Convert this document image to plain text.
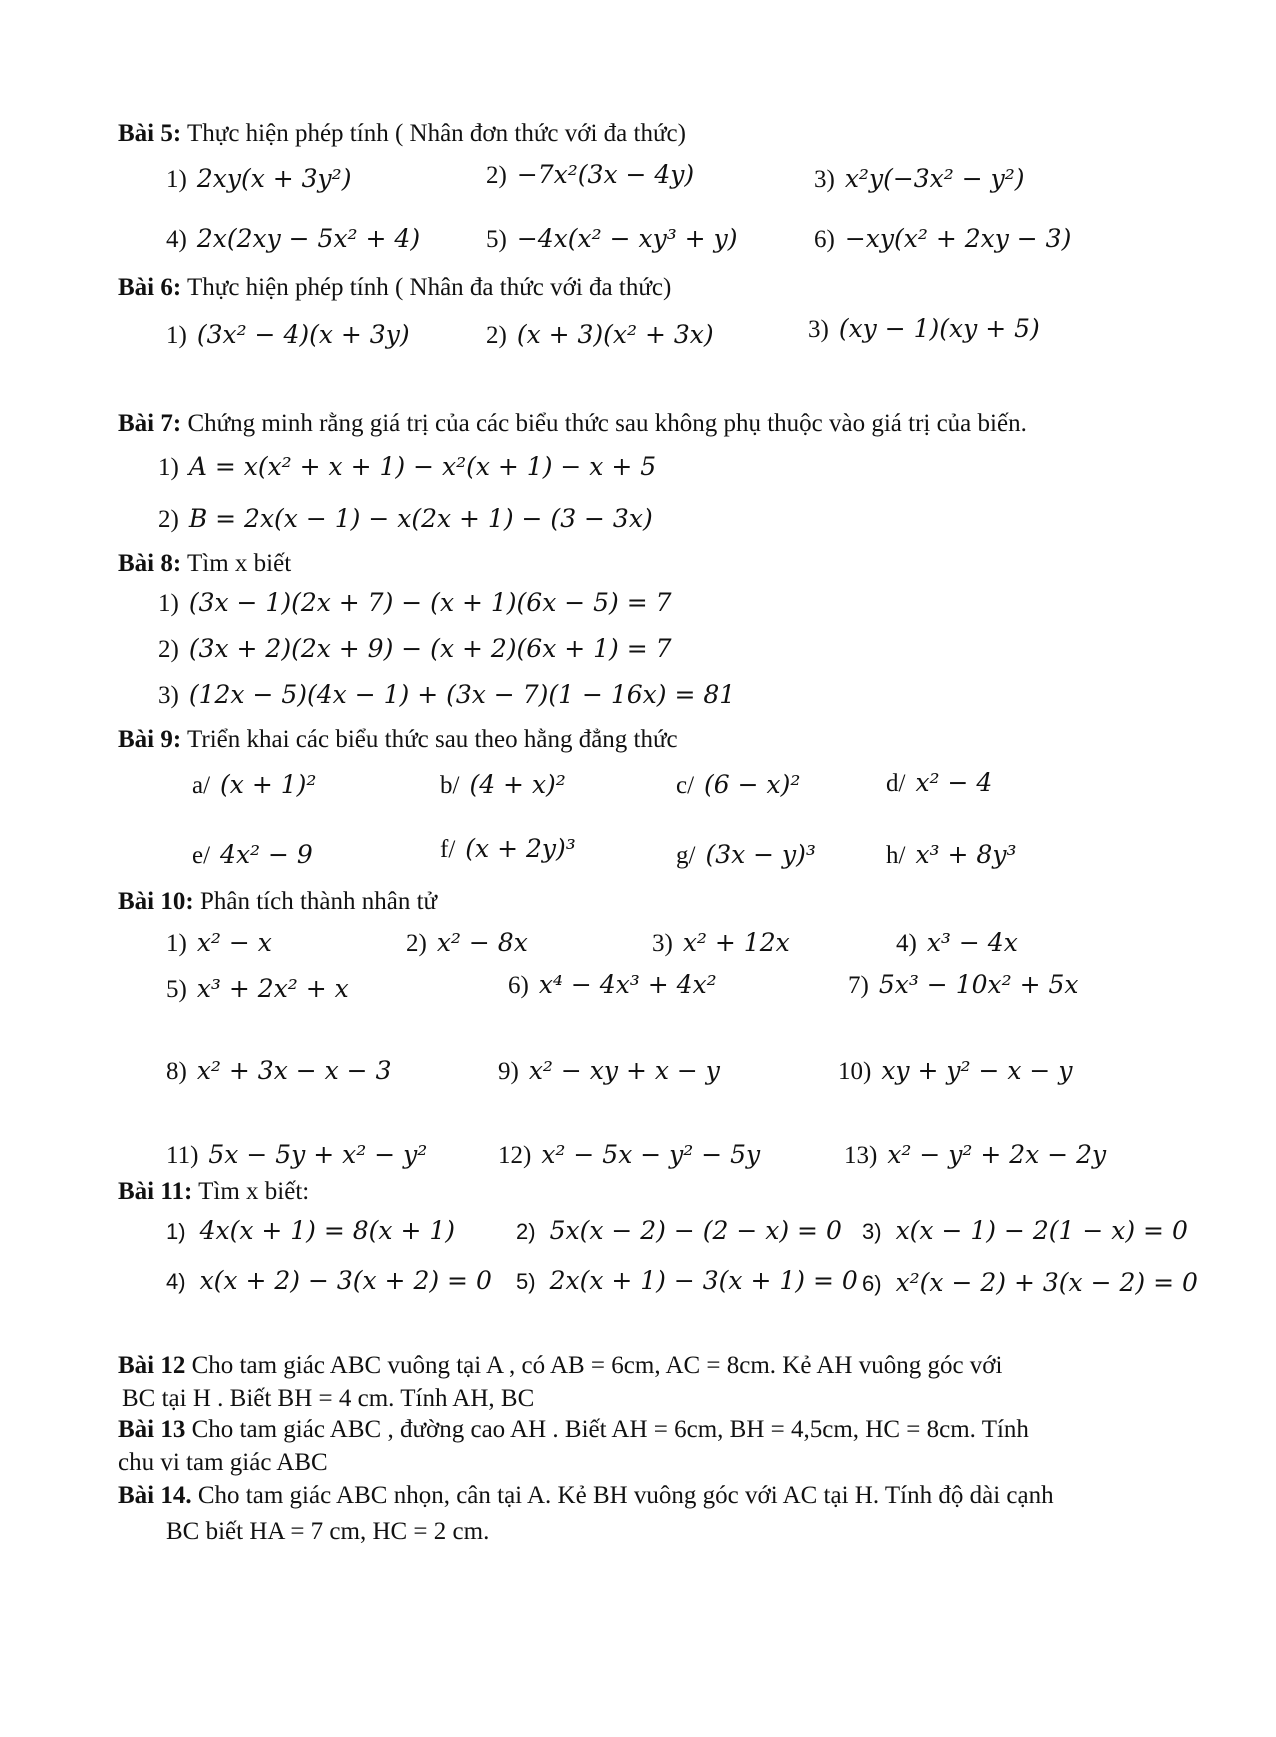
Bài 5: Thực hiện phép tính ( Nhân đơn thức với đa thức)
1) 2xy(x + 3y²)	2) −7x²(3x − 4y)	3) x²y(−3x² − y²)
4) 2x(2xy − 5x² + 4)	5) −4x(x² − xy³ + y)	6) −xy(x² + 2xy − 3)
Bài 6: Thực hiện phép tính ( Nhân đa thức với đa thức)
1) (3x² − 4)(x + 3y)	2) (x + 3)(x² + 3x)	3) (xy − 1)(xy + 5)
Bài 7: Chứng minh rằng giá trị của các biểu thức sau không phụ thuộc vào giá trị của biến.
1) A = x(x² + x + 1) − x²(x + 1) − x + 5
2) B = 2x(x − 1) − x(2x + 1) − (3 − 3x)
Bài 8: Tìm x biết
1) (3x − 1)(2x + 7) − (x + 1)(6x − 5) = 7
2) (3x + 2)(2x + 9) − (x + 2)(6x + 1) = 7
3) (12x − 5)(4x − 1) + (3x − 7)(1 − 16x) = 81
Bài 9: Triển khai các biểu thức sau theo hằng đẳng thức
a/ (x + 1)²	b/ (4 + x)²	c/ (6 − x)²	d/ x² − 4
e/ 4x² − 9	f/ (x + 2y)³	g/ (3x − y)³	h/ x³ + 8y³
Bài 10: Phân tích thành nhân tử
1) x² − x	2) x² − 8x	3) x² + 12x	4) x³ − 4x
5) x³ + 2x² + x	6) x⁴ − 4x³ + 4x²	7) 5x³ − 10x² + 5x
8) x² + 3x − x − 3	9) x² − xy + x − y	10) xy + y² − x − y
11) 5x − 5y + x² − y²	12) x² − 5x − y² − 5y	13) x² − y² + 2x − 2y
Bài 11: Tìm x biết:
1) 4x(x + 1) = 8(x + 1)	2) 5x(x − 2) − (2 − x) = 0 3) x(x − 1) − 2(1 − x) = 0
4) x(x + 2) − 3(x + 2) = 0 5) 2x(x + 1) − 3(x + 1) = 0 6) x²(x − 2) + 3(x − 2) = 0
Bài 12 Cho tam giác ABC vuông tại A , có AB = 6cm, AC = 8cm. Kẻ AH vuông góc với
BC tại H . Biết BH = 4 cm. Tính AH, BC
Bài 13 Cho tam giác ABC , đường cao AH . Biết AH = 6cm, BH = 4,5cm, HC = 8cm. Tính
chu vi tam giác ABC
Bài 14. Cho tam giác ABC nhọn, cân tại A. Kẻ BH vuông góc với AC tại H. Tính độ dài cạnh
BC biết HA = 7 cm, HC = 2 cm.
